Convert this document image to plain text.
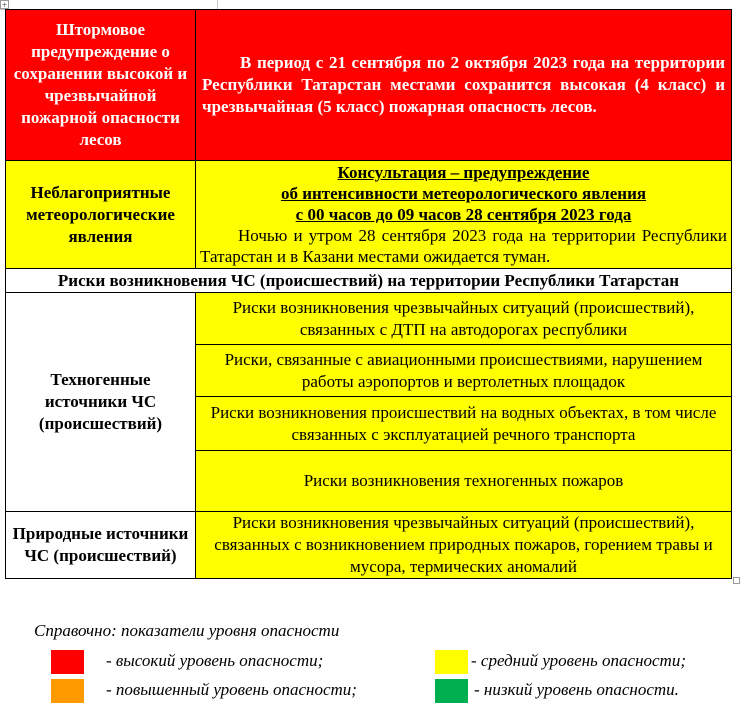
+
Штормовое предупреждение о сохранении высокой и чрезвычайной пожарной опасности лесов	В период с 21 сентября по 2 октября 2023 года на территории Республики Татарстан местами сохранится высокая (4 класс) и чрезвычайная (5 класс) пожарная опасность лесов.
Неблагоприятные метеорологические явления	Консультация – предупреждение
об интенсивности метеорологического явления
с 00 часов до 09 часов 28 сентября 2023 года
Ночью и утром 28 сентября 2023 года на территории Республики Татарстан и в Казани местами ожидается туман.

Риски возникновения ЧС (происшествий) на территории Республики Татарстан	
Техногенные источники ЧС (происшествий)	Риски возникновения чрезвычайных ситуаций (происшествий), связанных с ДТП на автодорогах республики
	Риски, связанные с авиационными происшествиями, нарушением работы аэропортов и вертолетных площадок
	Риски возникновения происшествий на водных объектах, в том числе связанных с эксплуатацией речного транспорта
	Риски возникновения техногенных пожаров
Природные источники ЧС (происшествий)	Риски возникновения чрезвычайных ситуаций (происшествий), связанных с возникновением природных пожаров, горением травы и мусора, термических аномалий
Справочно: показатели уровня опасности
- высокий уровень опасности;
- повышенный уровень опасности;
- средний уровень опасности;
- низкий уровень опасности.
